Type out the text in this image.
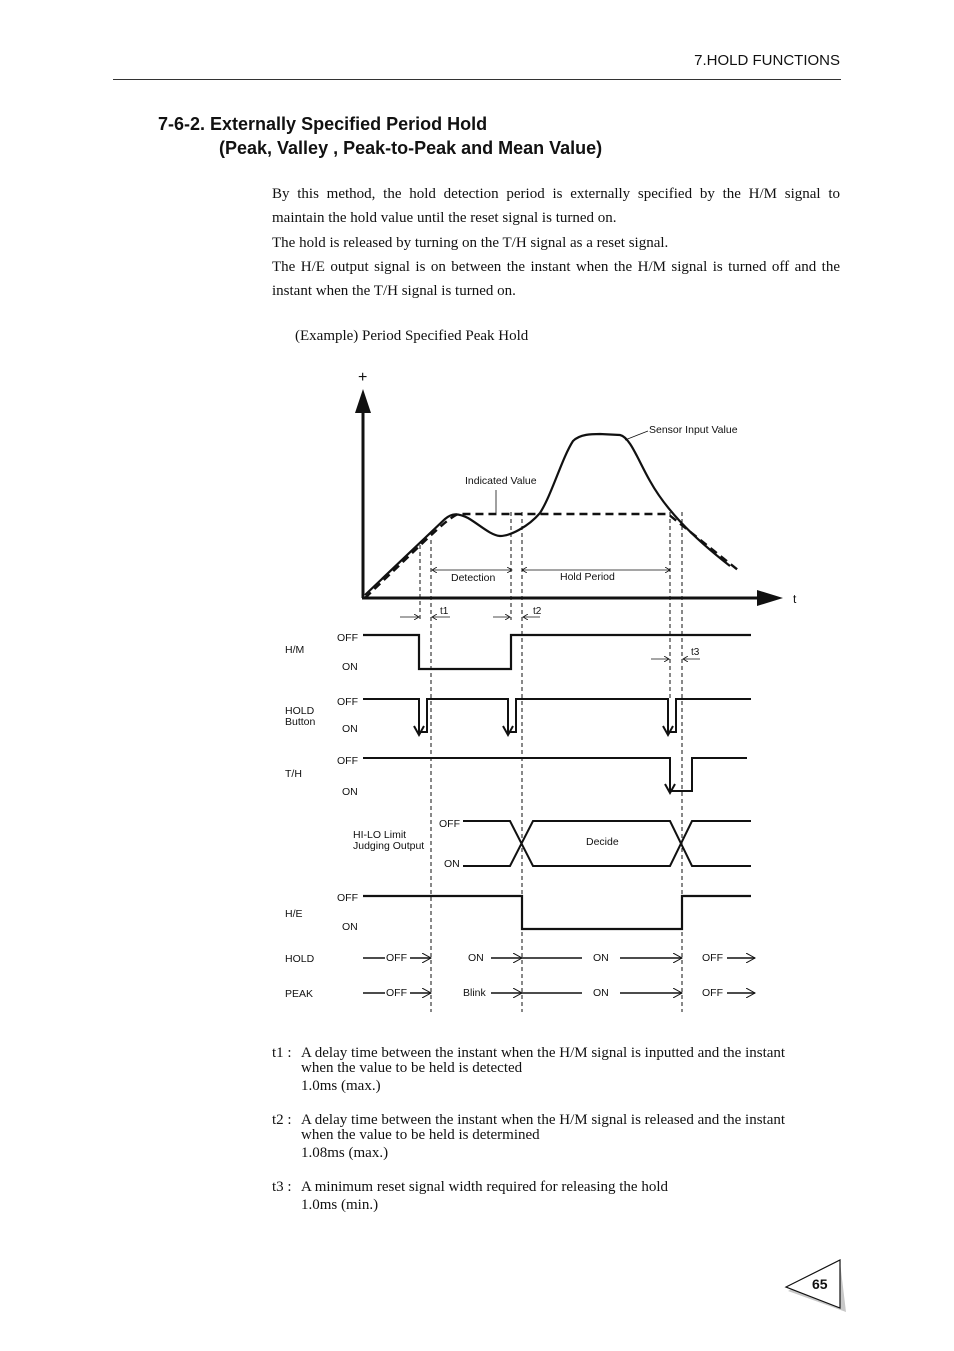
7.HOLD FUNCTIONS
7-6-2. Externally Specified Period Hold
(Peak, Valley , Peak-to-Peak and Mean Value)

By this method, the hold detection period is externally specified by the H/M signal to maintain the hold value until the reset signal is turned on.

The hold is released by turning on the T/H signal as a reset signal.

The H/E output signal is on between the instant when the H/M signal is turned off and the instant when the T/H signal is turned on.

(Example) Period Specified Peak Hold
+
t
Sensor Input Value
Indicated Value
Detection	Hold Period
t1	t2
t3
H/M
OFF
ON
HOLD
Button
OFF
ON
T/H
OFF
ON
HI-LO Limit
Judging Output
OFF
ON
Decide
H/E
OFF
ON
HOLD	OFF	ON	ON	OFF
PEAK	OFF	Blink	ON	OFF
t1 : A delay time between the instant when the H/M signal is inputted and the instant
when the value to be held is detected
1.0ms (max.)
t2 : A delay time between the instant when the H/M signal is released and the instant
when the value to be held is determined
1.08ms (max.)
t3 : A minimum reset signal width required for releasing the hold
1.0ms (min.)
65
